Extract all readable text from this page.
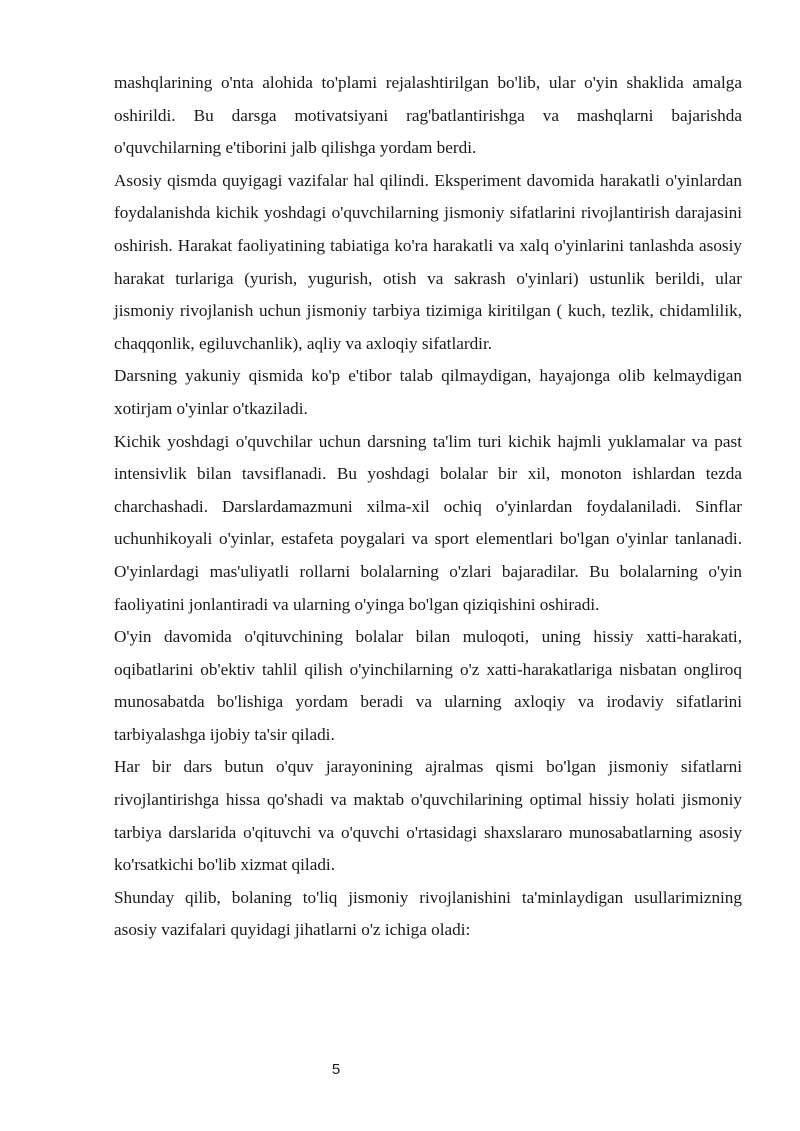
mashqlarining o'nta alohida to'plami rejalashtirilgan bo'lib, ular o'yin shaklida amalga oshirildi. Bu darsga motivatsiyani rag'batlantirishga va mashqlarni bajarishda o'quvchilarning e'tiborini jalb qilishga yordam berdi.

Asosiy qismda quyigagi vazifalar hal qilindi. Eksperiment davomida harakatli o'yinlardan foydalanishda kichik yoshdagi o'quvchilarning jismoniy sifatlarini rivojlantirish darajasini oshirish. Harakat faoliyatining tabiatiga ko'ra harakatli va xalq o'yinlarini tanlashda asosiy harakat turlariga (yurish, yugurish, otish va sakrash o'yinlari) ustunlik berildi, ular jismoniy rivojlanish uchun jismoniy tarbiya tizimiga kiritilgan ( kuch, tezlik, chidamlilik, chaqqonlik, egiluvchanlik), aqliy va axloqiy sifatlardir.

Darsning yakuniy qismida ko'p e'tibor talab qilmaydigan, hayajonga olib kelmaydigan xotirjam o'yinlar o'tkaziladi.

Kichik yoshdagi o'quvchilar uchun darsning ta'lim turi kichik hajmli yuklamalar va past intensivlik bilan tavsiflanadi. Bu yoshdagi bolalar bir xil, monoton ishlardan tezda charchashadi. Darslardamazmuni xilma-xil ochiq o'yinlardan foydalaniladi. Sinflar uchunhikoyali o'yinlar, estafeta poygalari va sport elementlari bo'lgan o'yinlar tanlanadi. O'yinlardagi mas'uliyatli rollarni bolalarning o'zlari bajaradilar. Bu bolalarning o'yin faoliyatini jonlantiradi va ularning o'yinga bo'lgan qiziqishini oshiradi.

O'yin davomida o'qituvchining bolalar bilan muloqoti, uning hissiy xatti-harakati, oqibatlarini ob'ektiv tahlil qilish o'yinchilarning o'z xatti-harakatlariga nisbatan ongliroq munosabatda bo'lishiga yordam beradi va ularning axloqiy va irodaviy sifatlarini tarbiyalashga ijobiy ta'sir qiladi.

Har bir dars butun o'quv jarayonining ajralmas qismi bo'lgan jismoniy sifatlarni rivojlantirishga hissa qo'shadi va maktab o'quvchilarining optimal hissiy holati jismoniy tarbiya darslarida o'qituvchi va o'quvchi o'rtasidagi shaxslararo munosabatlarning asosiy ko'rsatkichi bo'lib xizmat qiladi.

Shunday qilib, bolaning to'liq jismoniy rivojlanishini ta'minlaydigan usullarimizning asosiy vazifalari quyidagi jihatlarni o'z ichiga oladi:

5
